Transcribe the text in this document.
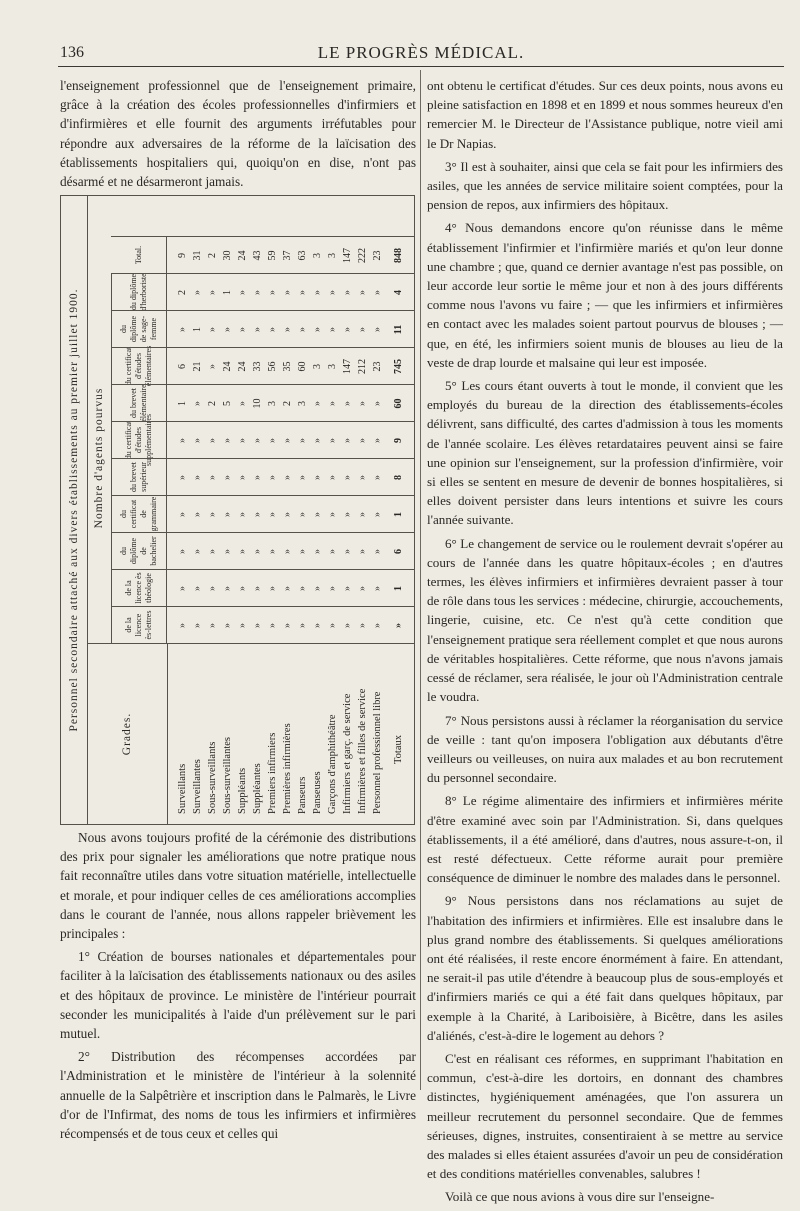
136	LE PROGRÈS MÉDICAL.

l'enseignement professionnel que de l'enseignement primaire, grâce à la création des écoles professionnelles d'infirmiers et d'infirmières et elle fournit des arguments irréfutables pour répondre aux adversaires de la réforme de la laïcisation des établissements hospitaliers qui, quoiqu'on en dise, n'ont pas désarmé et ne désarmeront jamais.

Personnel secondaire attaché aux divers établissements au premier juillet 1900.
Grades.
Nombre d'agents pourvus
de la licence ès-lettres
de la licence ès théologie
du diplôme de bachelier
du certificat de grammaire
du brevet supérieur
du certificat d'études supplémentaires
du brevet élémentaire
du certificat d'études élémentaires
du diplôme de sage-femme
du diplôme d'herboriste
Total.
Surveillants
»
»
»
»
»
»
1
6
»
2
9
Surveillantes
»
»
»
»
»
»
»
21
1
»
31
Sous-surveillants
»
»
»
»
»
»
2
»
»
»
2
Sous-surveillantes
»
»
»
»
»
»
5
24
»
1
30
Suppléants
»
»
»
»
»
»
»
24
»
»
24
Suppléantes
»
»
»
»
»
»
10
33
»
»
43
Premiers infirmiers
»
»
»
»
»
»
3
56
»
»
59
Premières infirmières
»
»
»
»
»
»
2
35
»
»
37
Panseurs
»
»
»
»
»
»
3
60
»
»
63
Panseuses
»
»
»
»
»
»
»
3
»
»
3
Garçons d'amphithéâtre
»
»
»
»
»
»
»
3
»
»
3
Infirmiers et garç. de service
»
»
»
»
»
»
»
147
»
»
147
Infirmières et filles de service
»
»
»
»
»
»
»
212
»
»
222
Personnel professionnel libre
»
»
»
»
»
»
»
23
»
»
23
Totaux
»
1
6
1
8
9
60
745
11
4
848

Nous avons toujours profité de la cérémonie des distributions des prix pour signaler les améliorations que notre pratique nous fait reconnaître utiles dans votre situation matérielle, intellectuelle et morale, et pour indiquer celles de ces améliorations accomplies dans le courant de l'année, nous allons rappeler brièvement les principales :

1° Création de bourses nationales et départementales pour faciliter à la laïcisation des établissements nationaux ou des asiles et des hôpitaux de province. Le ministère de l'intérieur pourrait seconder les municipalités à l'aide d'un prélèvement sur le pari mutuel.

2° Distribution des récompenses accordées par l'Administration et le ministère de l'intérieur à la solennité annuelle de la Salpêtrière et inscription dans le Palmarès, le Livre d'or de l'Infirmat, des noms de tous les infirmiers et infirmières récompensés et de tous ceux et celles qui

ont obtenu le certificat d'études. Sur ces deux points, nous avons eu pleine satisfaction en 1898 et en 1899 et nous sommes heureux d'en remercier M. le Directeur de l'Assistance publique, notre vieil ami le Dr Napias.

3° Il est à souhaiter, ainsi que cela se fait pour les infirmiers des asiles, que les années de service militaire soient comptées, pour la pension de repos, aux infirmiers des hôpitaux.

4° Nous demandons encore qu'on réunisse dans le même établissement l'infirmier et l'infirmière mariés et qu'on leur donne une chambre ; que, quand ce dernier avantage n'est pas possible, on leur accorde leur sortie le même jour et non à des jours différents comme nous l'avons vu faire ; — que les infirmiers et infirmières en contact avec les malades soient partout pourvus de blouses ; — que, en été, les infirmiers soient munis de blouses au lieu de la veste de drap lourde et malsaine qui leur est imposée.

5° Les cours étant ouverts à tout le monde, il convient que les employés du bureau de la direction des établissements-écoles délivrent, sans difficulté, des cartes d'admission à tous les moments de l'année scolaire. Les élèves retardataires peuvent ainsi se faire une opinion sur l'enseignement, sur la profession d'infirmière, voir si elles se sentent en mesure de devenir de bonnes hospitalières, si elles doivent persister dans leurs intentions et suivre les cours l'année suivante.

6° Le changement de service ou le roulement devrait s'opérer au cours de l'année dans les quatre hôpitaux-écoles ; en d'autres termes, les élèves infirmiers et infirmières devraient passer à tour de rôle dans tous les services : médecine, chirurgie, accouchements, lingerie, cuisine, etc. Ce n'est qu'à cette condition que l'enseignement pratique sera réellement complet et que nous aurons de véritables hospitalières. Cette réforme, que nous n'avons jamais cessé de réclamer, sera réalisée, le jour où l'Administration centrale le voudra.

7° Nous persistons aussi à réclamer la réorganisation du service de veille : tant qu'on imposera l'obligation aux débutants d'être veilleurs ou veilleuses, on nuira aux malades et au bon recrutement du personnel secondaire.

8° Le régime alimentaire des infirmiers et infirmières mérite d'être examiné avec soin par l'Administration. Si, dans quelques établissements, il a été amélioré, dans d'autres, nous assure-t-on, il est resté défectueux. Cette réforme aurait pour première conséquence de diminuer le nombre des malades dans le personnel.

9° Nous persistons dans nos réclamations au sujet de l'habitation des infirmiers et infirmières. Elle est insalubre dans le plus grand nombre des établissements. Si quelques améliorations ont été réalisées, il reste encore énormément à faire. En attendant, ne serait-il pas utile d'étendre à beaucoup plus de sous-employés et d'infirmiers mariés ce qui a été fait dans quelques hôpitaux, par exemple à la Charité, à Lariboisière, à Bicêtre, dans les asiles d'aliénés, c'est-à-dire le logement au dehors ?

C'est en réalisant ces réformes, en supprimant l'habitation en commun, c'est-à-dire les dortoirs, en donnant des chambres distinctes, hygiéniquement aménagées, que l'on assurera un meilleur recrutement du personnel secondaire. Que de femmes sérieuses, dignes, instruites, consentiraient à se mettre au service des malades si elles étaient assurées d'avoir un peu de considération et des conditions matérielles convenables, salubres !

Voilà ce que nous avions à vous dire sur l'enseigne-
